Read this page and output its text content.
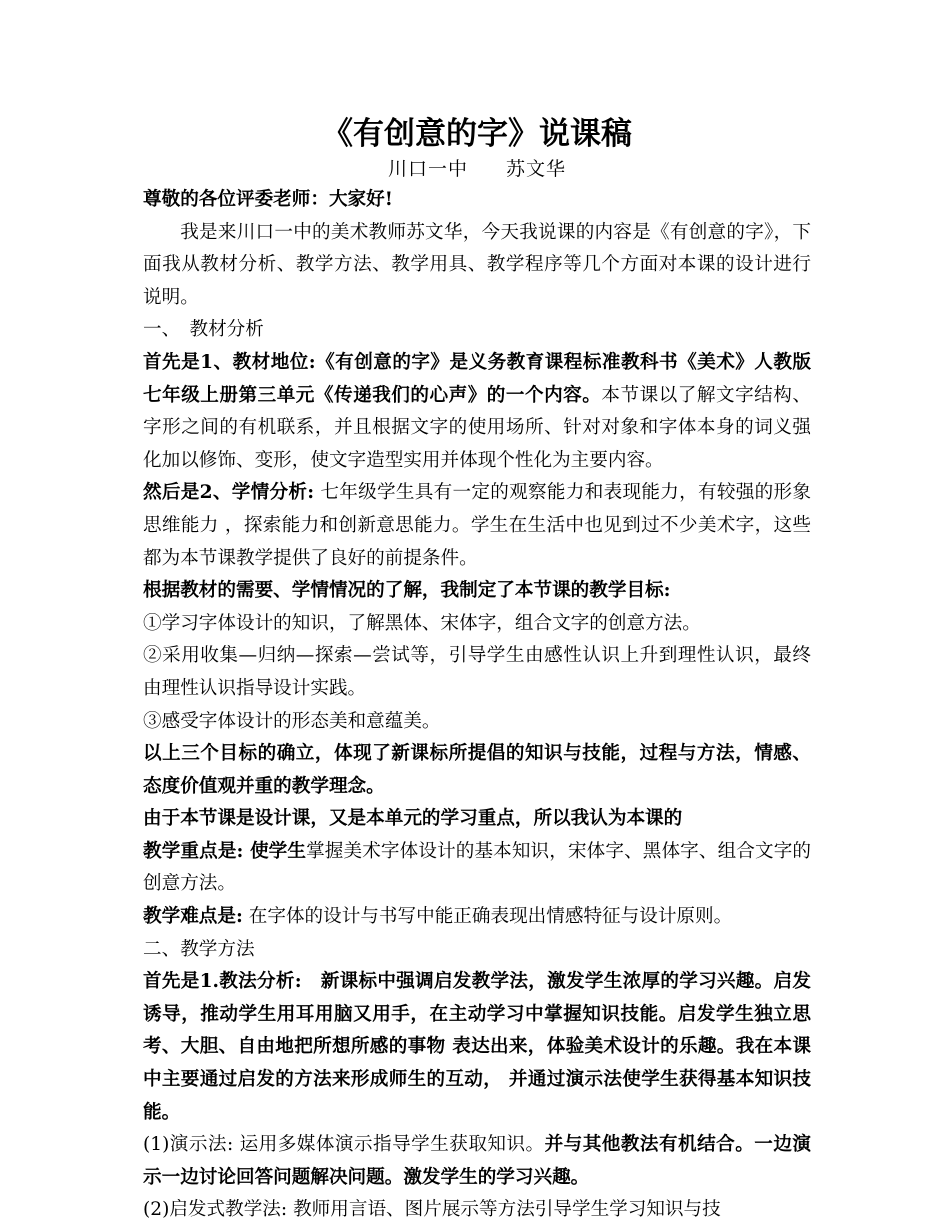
《有创意的字》说课稿

川口一中 苏文华

尊敬的各位评委老师：大家好!

我是来川口一中的美术教师苏文华，今天我说课的内容是《有创意的字》，下面我从教材分析、教学方法、教学用具、教学程序等几个方面对本课的设计进行说明。

一、　教材分析

首先是1、教材地位:《有创意的字》是义务教育课程标准教科书《美术》人教版七年级上册第三单元《传递我们的心声》的一个内容。本节课以了解文字结构、字形之间的有机联系，并且根据文字的使用场所、针对对象和字体本身的词义强化加以修饰、变形，使文字造型实用并体现个性化为主要内容。

然后是2、学情分析: 七年级学生具有一定的观察能力和表现能力，有较强的形象思维能力 ，探索能力和创新意思能力。学生在生活中也见到过不少美术字，这些都为本节课教学提供了良好的前提条件。

根据教材的需要、学情情况的了解，我制定了本节课的教学目标:

①学习字体设计的知识，了解黑体、宋体字，组合文字的创意方法。

②采用收集—归纳—探索—尝试等，引导学生由感性认识上升到理性认识，最终由理性认识指导设计实践。

③感受字体设计的形态美和意蕴美。

以上三个目标的确立，体现了新课标所提倡的知识与技能，过程与方法，情感、态度价值观并重的教学理念。

由于本节课是设计课，又是本单元的学习重点，所以我认为本课的

教学重点是: 使学生掌握美术字体设计的基本知识，宋体字、黑体字、组合文字的创意方法。

教学难点是: 在字体的设计与书写中能正确表现出情感特征与设计原则。

二、教学方法

首先是1.教法分析:　新课标中强调启发教学法，激发学生浓厚的学习兴趣。启发诱导，推动学生用耳用脑又用手，在主动学习中掌握知识技能。启发学生独立思考、大胆、自由地把所想所感的事物 表达出来，体验美术设计的乐趣。我在本课中主要通过启发的方法来形成师生的互动， 并通过演示法使学生获得基本知识技能。

(1)演示法: 运用多媒体演示指导学生获取知识。并与其他教法有机结合。一边演示一边讨论回答问题解决问题。激发学生的学习兴趣。

(2)启发式教学法: 教师用言语、图片展示等方法引导学生学习知识与技
